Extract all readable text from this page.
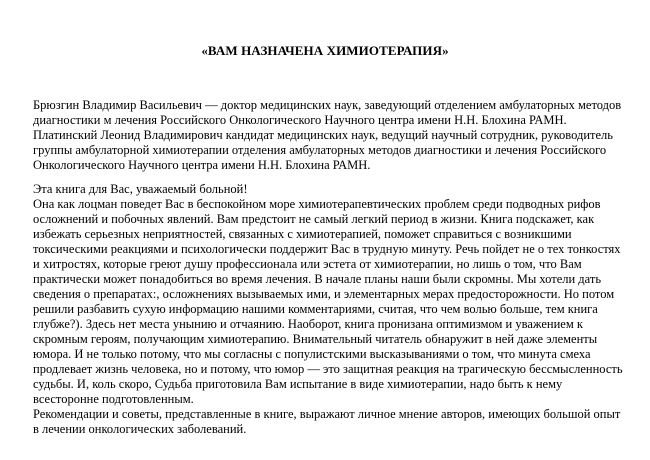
«ВАМ НАЗНАЧЕНА ХИМИОТЕРАПИЯ»

Брюзгин Владимир Васильевич — доктор медицинских наук, заведующий отделением амбулаторных методов
диагностики м лечения Российского Онкологического Научного центра имени Н.Н. Блохина РАМН.
Платинский Леонид Владимирович кандидат медицинских наук, ведущий научный сотрудник, руководитель
группы амбулаторной химиотерапии отделения амбулаторных методов диагностики и лечения Российского
Онкологического Научного центра имени Н.Н. Блохина РАМН.

Эта книга для Вас, уважаемый больной!
Она как лоцман поведет Вас в беспокойном море химиотерапевтических проблем среди подводных рифов
осложнений и побочных явлений. Вам предстоит не самый легкий период в жизни. Книга подскажет, как
избежать серьезных неприятностей, связанных с химиотерапией, поможет справиться с возникшими
токсическими реакциями и психологически поддержит Вас в трудную минуту. Речь пойдет не о тех тонкостях
и хитростях, которые греют душу профессионала или эстета от химиотерапии, но лишь о том, что Вам
практически может понадобиться во время лечения. В начале планы наши были скромны. Мы хотели дать
сведения о препаратах:, осложнениях вызываемых ими, и элементарных мерах предосторожности. Но потом
решили разбавить сухую информацию нашими комментариями, считая, что чем волью больше, тем книга
глубже?). Здесь нет места унынию и отчаянию. Наоборот, книга пронизана оптимизмом и уважением к
скромным героям, получающим химиотерапию. Внимательный читатель обнаружит в ней даже элементы
юмора. И не только потому, что мы согласны с популистскими высказываниями о том, что минута смеха
продлевает жизнь человека, но и потому, что юмор — это защитная реакция на трагическую бессмысленность
судьбы. И, коль скоро, Судьба приготовила Вам испытание в виде химиотерапии, надо быть к нему
всесторонне подготовленным.
Рекомендации и советы, представленные в книге, выражают личное мнение авторов, имеющих большой опыт
в лечении онкологических заболеваний.
